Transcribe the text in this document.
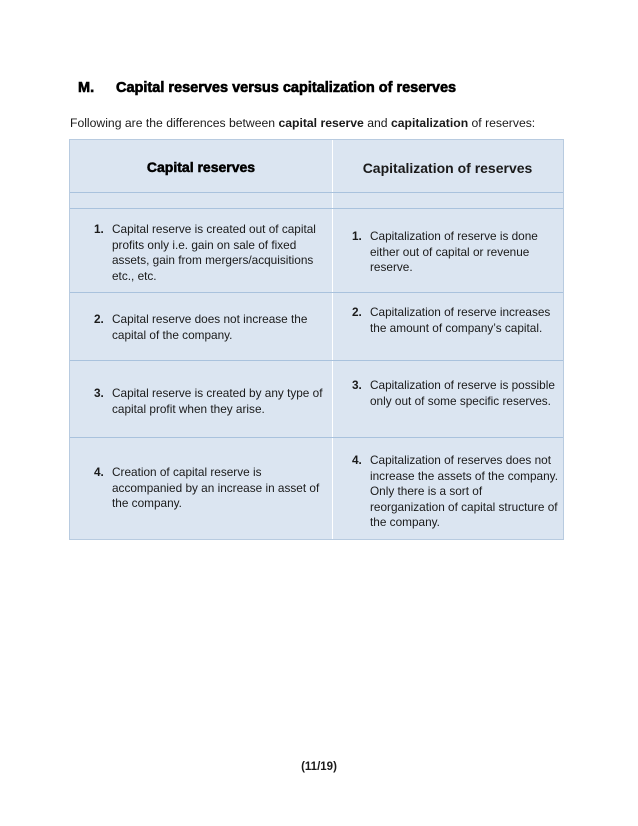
M. Capital reserves versus capitalization of reserves
Following are the differences between capital reserve and capitalization of reserves:
Capital reserves	Capitalization of reserves
1. Capital reserve is created out of capital profits only i.e. gain on sale of fixed assets, gain from mergers/acquisitions etc., etc.
1. Capitalization of reserve is done either out of capital or revenue reserve.
2. Capital reserve does not increase the capital of the company.
2. Capitalization of reserve increases the amount of company’s capital.
3. Capital reserve is created by any type of capital profit when they arise.
3. Capitalization of reserve is possible only out of some specific reserves.
4. Creation of capital reserve is accompanied by an increase in asset of the company.
4. Capitalization of reserves does not increase the assets of the company. Only there is a sort of reorganization of capital structure of the company.
(11/19)
